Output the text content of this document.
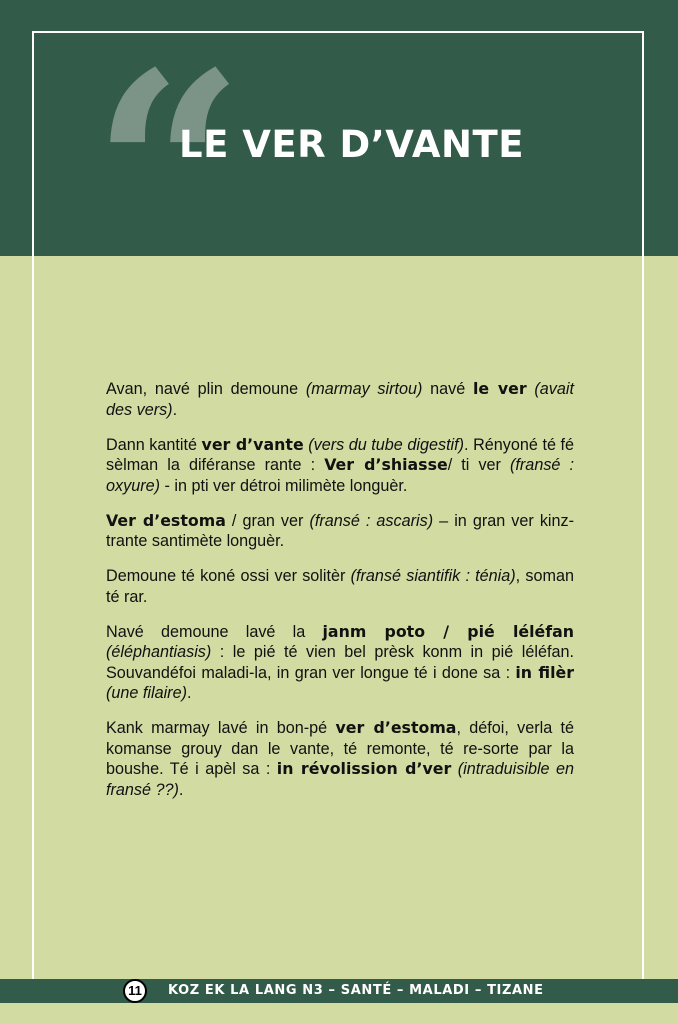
“
LE VER D’VANTE

Avan, navé plin demoune (marmay sirtou) navé le ver (avait des vers).

Dann kantité ver d’vante (vers du tube digestif). Rényoné té fé sèlman la diféranse rante : Ver d’shiasse/ ti ver (fransé : oxyure) - in pti ver détroi milimète longuèr.

Ver d’estoma / gran ver (fransé : ascaris) – in gran ver kinz-trante santimète longuèr.

Demoune té koné ossi ver solitèr (fransé siantifik : ténia), soman té rar.

Navé demoune lavé la janm poto / pié léléfan (éléphantiasis) : le pié té vien bel prèsk konm in pié léléfan. Souvandéfoi maladi-la, in gran ver longue té i done sa : in filèr (une filaire).

Kank marmay lavé in bon-pé ver d’estoma, défoi, verla té komanse grouy dan le vante, té remonte, té re-sorte par la boushe. Té i apèl sa : in révolission d’ver (intraduisible en fransé ??).

11	KOZ EK LA LANG N3 – SANTÉ – MALADI – TIZANE
